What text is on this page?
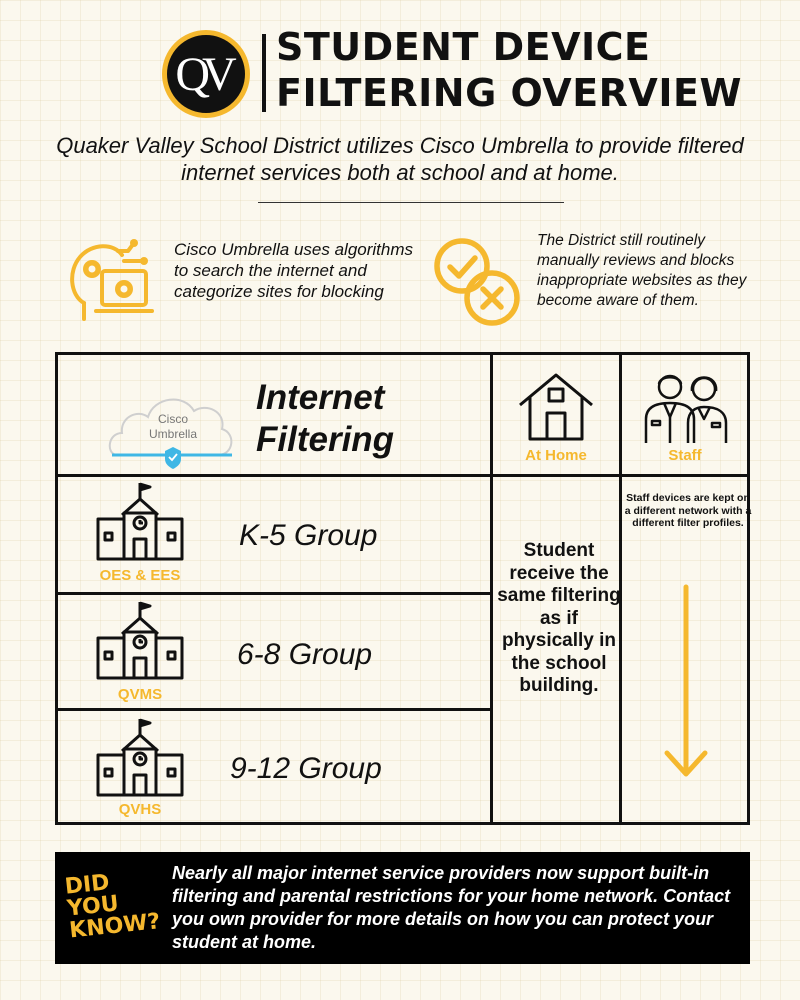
QV
STUDENT DEVICE FILTERING OVERVIEW
Quaker Valley School District utilizes Cisco Umbrella to provide filtered internet services both at school and at home.
Cisco Umbrella uses algorithms to search the internet and categorize sites for blocking
The District still routinely manually reviews and blocks inappropriate websites as they become aware of them.
Cisco
Umbrella
Internet Filtering	At Home	Staff
OES & EES
K-5 Group
QVMS
6-8 Group
QVHS
9-12 Group
Student receive the same filtering as if physically in the school building.
Staff devices are kept on a different network with a different filter profiles.
DID YOU KNOW?
Nearly all major internet service providers now support built-in filtering and parental restrictions for your home network. Contact you own provider for more details on how you can protect your student at home.
